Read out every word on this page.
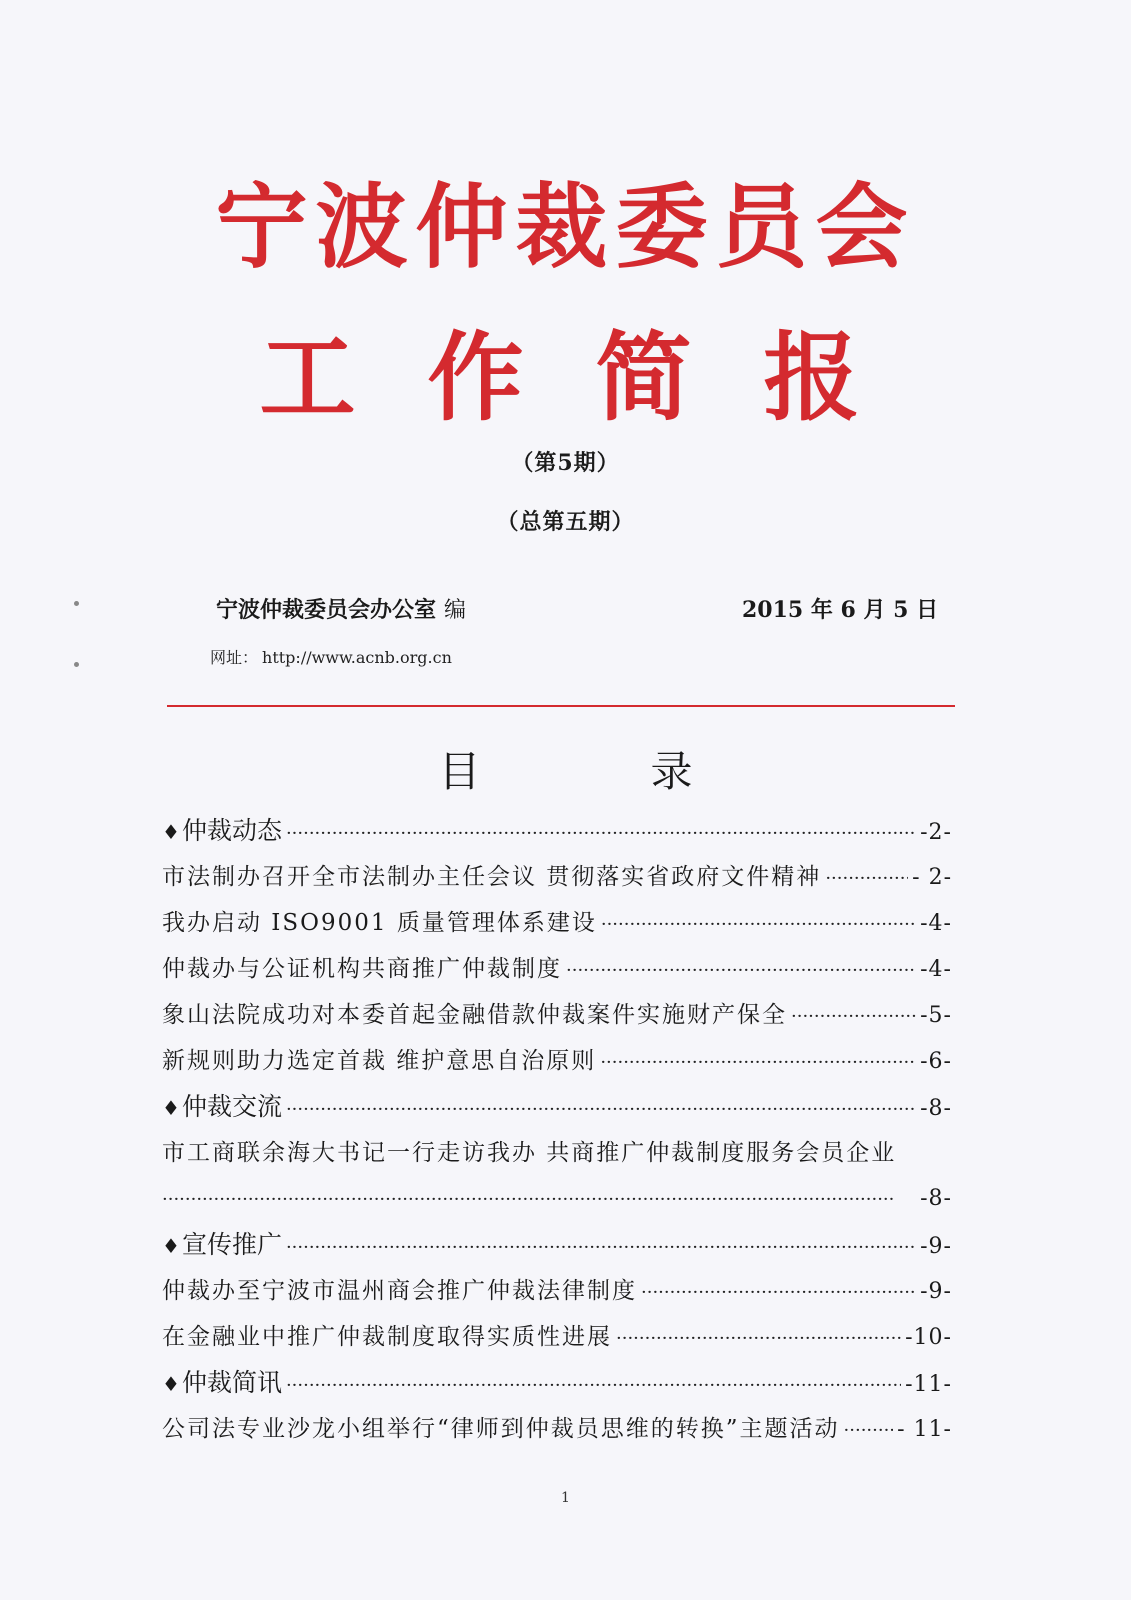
宁波仲裁委员会
工作简报
（第5期）
（总第五期）
宁波仲裁委员会办公室 编	2015 年 6 月 5 日
网址： http://www.acnb.org.cn
目录
♦ 仲裁动态 ·····	-2-
市法制办召开全市法制办主任会议 贯彻落实省政府文件精神 ·····	- 2-
我办启动 ISO9001 质量管理体系建设 ·····	-4-
仲裁办与公证机构共商推广仲裁制度 ·····	-4-
象山法院成功对本委首起金融借款仲裁案件实施财产保全 ·····	-5-
新规则助力选定首裁 维护意思自治原则 ·····	-6-
♦ 仲裁交流 ·····	-8-
市工商联余海大书记一行走访我办 共商推广仲裁制度服务会员企业
·····
-8-
♦ 宣传推广 ·····	-9-
仲裁办至宁波市温州商会推广仲裁法律制度 ·····	-9-
在金融业中推广仲裁制度取得实质性进展 ·····	-10-
♦ 仲裁简讯 ·····	-11-
公司法专业沙龙小组举行“律师到仲裁员思维的转换”主题活动 ·····	- 11-
1
